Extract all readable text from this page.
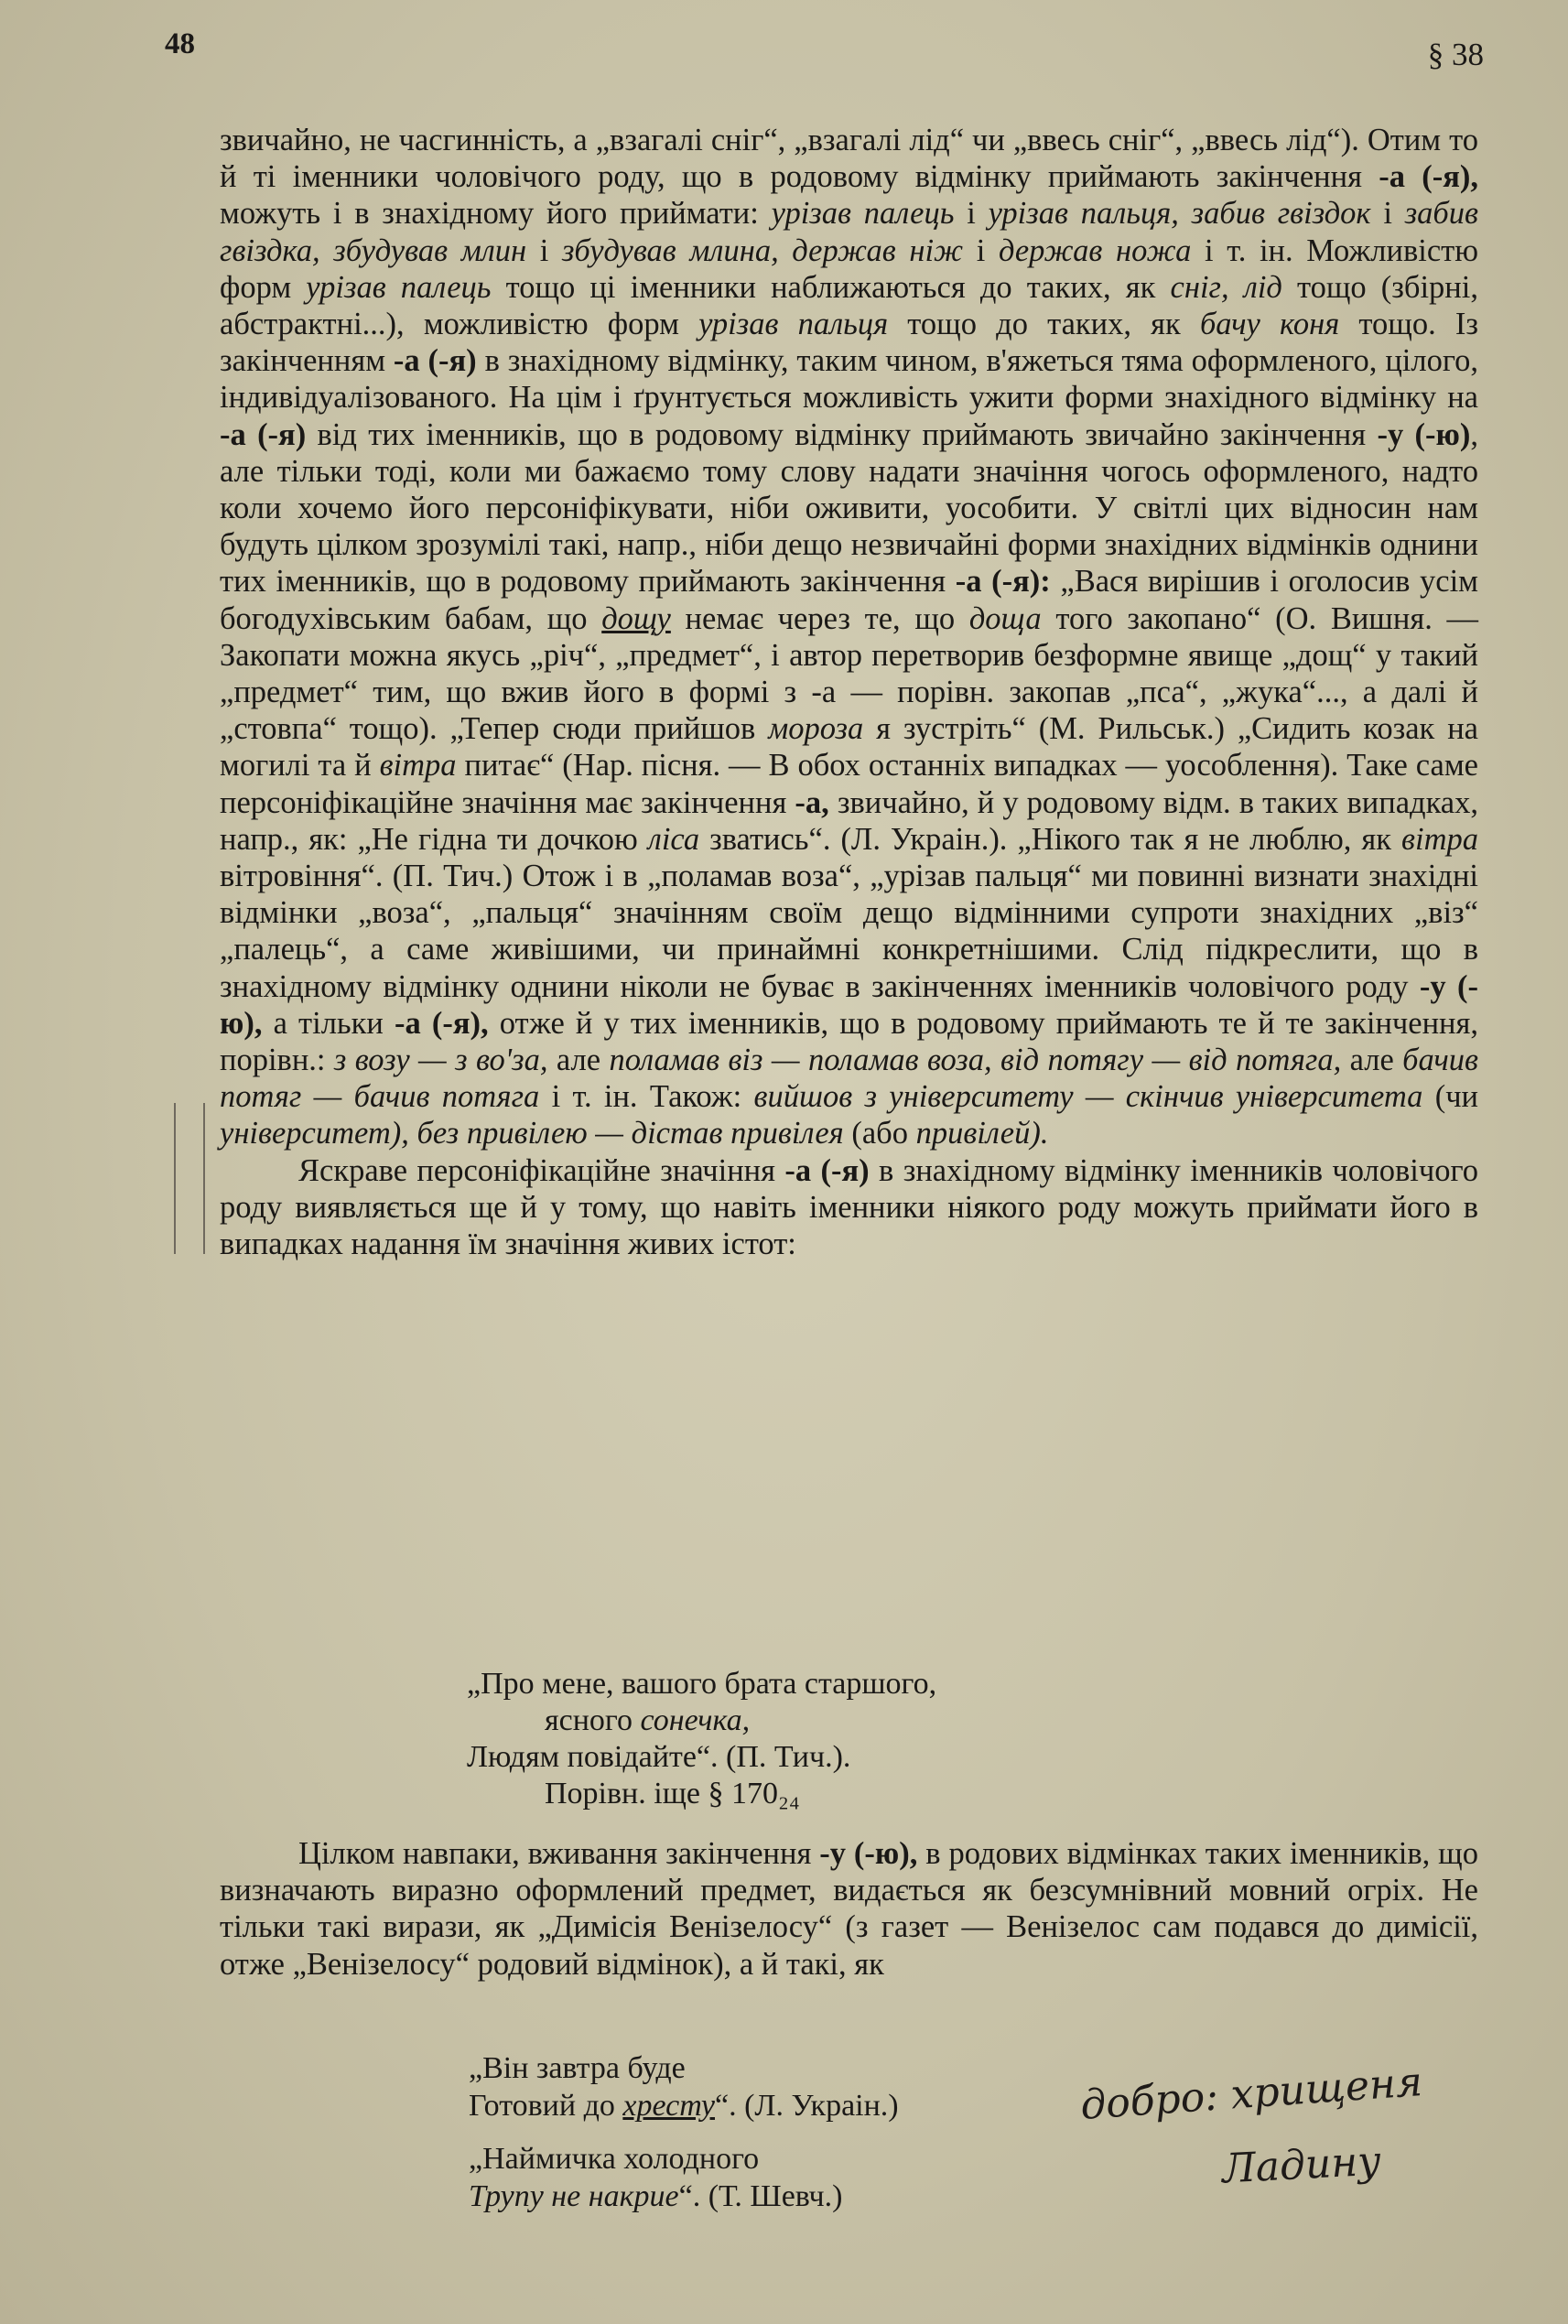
48	§ 38

звичайно, не часгинність, а „взагалі сніг“, „взагалі лід“ чи „ввесь сніг“, „ввесь лід“). Отим то й ті іменники чоловічого роду, що в родовому відмінку приймають закінчення -а (-я), можуть і в знахідному його приймати: урізав палець і урізав пальця, забив гвіздок і забив гвіздка, збудував млин і збудував млина, держав ніж і держав ножа і т. ін. Можливістю форм урізав палець тощо ці іменники наближаються до таких, як сніг, лід тощо (збірні, абстрактні...), можливістю форм урізав пальця тощо до таких, як бачу коня тощо. Із закінченням -а (-я) в знахідному відмінку, таким чином, в'яжеться тяма оформленого, цілого, індивідуалізованого. На цім і ґрунтується можливість ужити форми знахідного відмінку на -а (-я) від тих іменників, що в родовому відмінку приймають звичайно закінчення -у (-ю), але тільки тоді, коли ми бажаємо тому слову надати значіння чогось оформленого, надто коли хочемо його персоніфікувати, ніби оживити, уособити. У світлі цих відносин нам будуть цілком зрозумілі такі, напр., ніби дещо незвичайні форми знахідних відмінків однини тих іменників, що в родовому приймають закінчення -а (-я): „Вася вирішив і оголосив усім богодухівським бабам, що дощу немає через те, що доща того закопано“ (О. Вишня. — Закопати можна якусь „річ“, „предмет“, і автор перетворив безформне явище „дощ“ у такий „предмет“ тим, що вжив його в формі з -а — порівн. закопав „пса“, „жука“..., а далі й „стовпа“ тощо). „Тепер сюди прийшов мороза я зустріть“ (М. Рильськ.) „Сидить козак на могилі та й вітра питає“ (Нар. пісня. — В обох останніх випадках — уособлення). Таке саме персоніфікаційне значіння має закінчення -а, звичайно, й у родовому відм. в таких випадках, напр., як: „Не гідна ти дочкою ліса зватись“. (Л. Украін.). „Нікого так я не люблю, як вітра вітровіння“. (П. Тич.) Отож і в „поламав воза“, „урізав пальця“ ми повинні визнати знахідні відмінки „воза“, „пальця“ значінням своїм дещо відмінними супроти знахідних „віз“ „палець“, а саме живішими, чи принаймні конкретнішими. Слід підкреслити, що в знахідному відмінку однини ніколи не буває в закінченнях іменників чоловічого роду -у (-ю), а тільки -а (-я), отже й у тих іменників, що в родовому приймають те й те закінчення, порівн.: з возу — з во'за, але поламав віз — поламав воза, від потягу — від потяга, але бачив потяг — бачив потяга і т. ін. Також: вийшов з університету — скінчив університета (чи університет), без привілею — дістав привілея (або привілей).

Яскраве персоніфікаційне значіння -а (-я) в знахідному відмінку іменників чоловічого роду виявляється ще й у тому, що навіть іменники ніякого роду можуть приймати його в випадках надання їм значіння живих істот:

„Про мене, вашого брата старшого,
ясного сонечка,
Людям повідайте“. (П. Тич.).
Порівн. іще § 170₂₄

Цілком навпаки, вживання закінчення -у (-ю), в родових відмінках таких іменників, що визначають виразно оформлений предмет, видається як безсумнівний мовний огріх. Не тільки такі вирази, як „Димісія Венізелосу“ (з газет — Венізелос сам подався до димісії, отже „Венізелосу“ родовий відмінок), а й такі, як

„Він завтра буде
Готовий до хресту“. (Л. Украін.)
„Наймичка холодного
Трупу не накрие“. (Т. Шевч.)
добро: хрищеня
Ладину
